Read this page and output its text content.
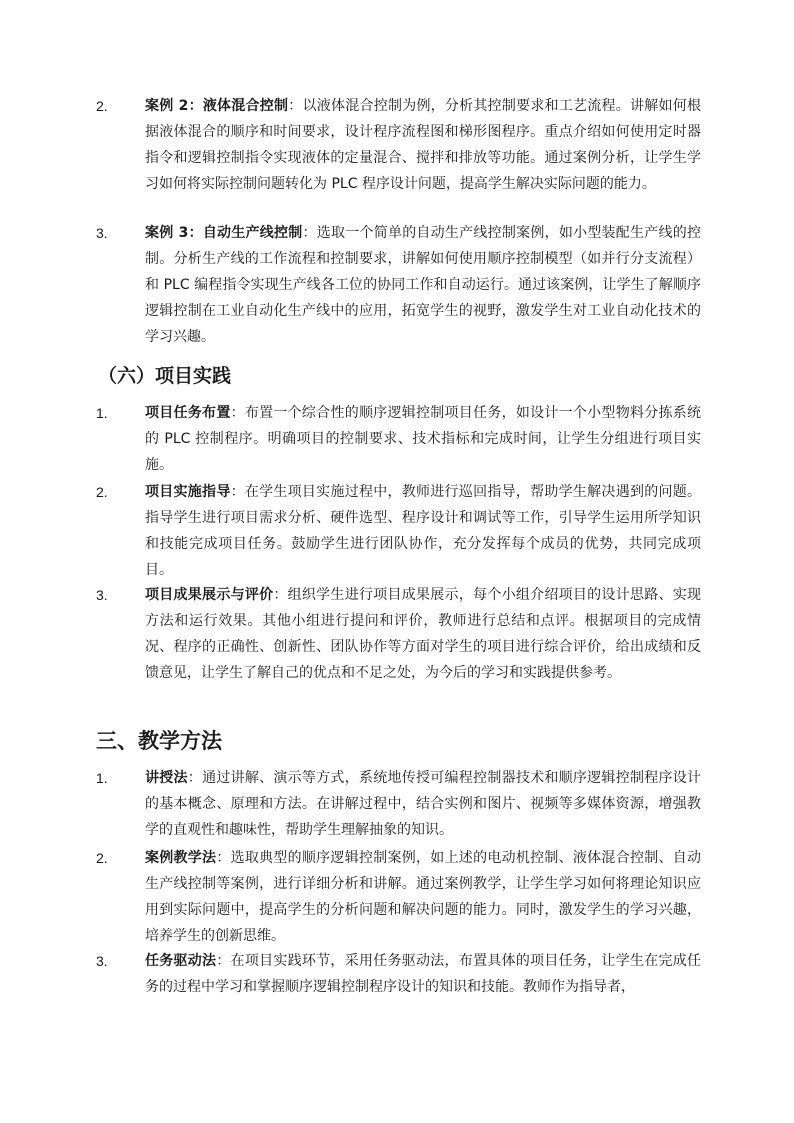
2.	案例 2：液体混合控制：以液体混合控制为例，分析其控制要求和工艺流程。讲解如何根据液体混合的顺序和时间要求，设计程序流程图和梯形图程序。重点介绍如何使用定时器指令和逻辑控制指令实现液体的定量混合、搅拌和排放等功能。通过案例分析，让学生学习如何将实际控制问题转化为 PLC 程序设计问题，提高学生解决实际问题的能力。
3.	案例 3：自动生产线控制：选取一个简单的自动生产线控制案例，如小型装配生产线的控制。分析生产线的工作流程和控制要求，讲解如何使用顺序控制模型（如并行分支流程）和 PLC 编程指令实现生产线各工位的协同工作和自动运行。通过该案例，让学生了解顺序逻辑控制在工业自动化生产线中的应用，拓宽学生的视野，激发学生对工业自动化技术的学习兴趣。
（六）项目实践
1.	项目任务布置：布置一个综合性的顺序逻辑控制项目任务，如设计一个小型物料分拣系统的 PLC 控制程序。明确项目的控制要求、技术指标和完成时间，让学生分组进行项目实施。
2.	项目实施指导：在学生项目实施过程中，教师进行巡回指导，帮助学生解决遇到的问题。指导学生进行项目需求分析、硬件选型、程序设计和调试等工作，引导学生运用所学知识和技能完成项目任务。鼓励学生进行团队协作，充分发挥每个成员的优势，共同完成项目。
3.	项目成果展示与评价：组织学生进行项目成果展示，每个小组介绍项目的设计思路、实现方法和运行效果。其他小组进行提问和评价，教师进行总结和点评。根据项目的完成情况、程序的正确性、创新性、团队协作等方面对学生的项目进行综合评价，给出成绩和反馈意见，让学生了解自己的优点和不足之处，为今后的学习和实践提供参考。
三、教学方法
1.	讲授法：通过讲解、演示等方式，系统地传授可编程控制器技术和顺序逻辑控制程序设计的基本概念、原理和方法。在讲解过程中，结合实例和图片、视频等多媒体资源，增强教学的直观性和趣味性，帮助学生理解抽象的知识。
2.	案例教学法：选取典型的顺序逻辑控制案例，如上述的电动机控制、液体混合控制、自动生产线控制等案例，进行详细分析和讲解。通过案例教学，让学生学习如何将理论知识应用到实际问题中，提高学生的分析问题和解决问题的能力。同时，激发学生的学习兴趣，培养学生的创新思维。
3.	任务驱动法：在项目实践环节，采用任务驱动法，布置具体的项目任务，让学生在完成任务的过程中学习和掌握顺序逻辑控制程序设计的知识和技能。教师作为指导者，
